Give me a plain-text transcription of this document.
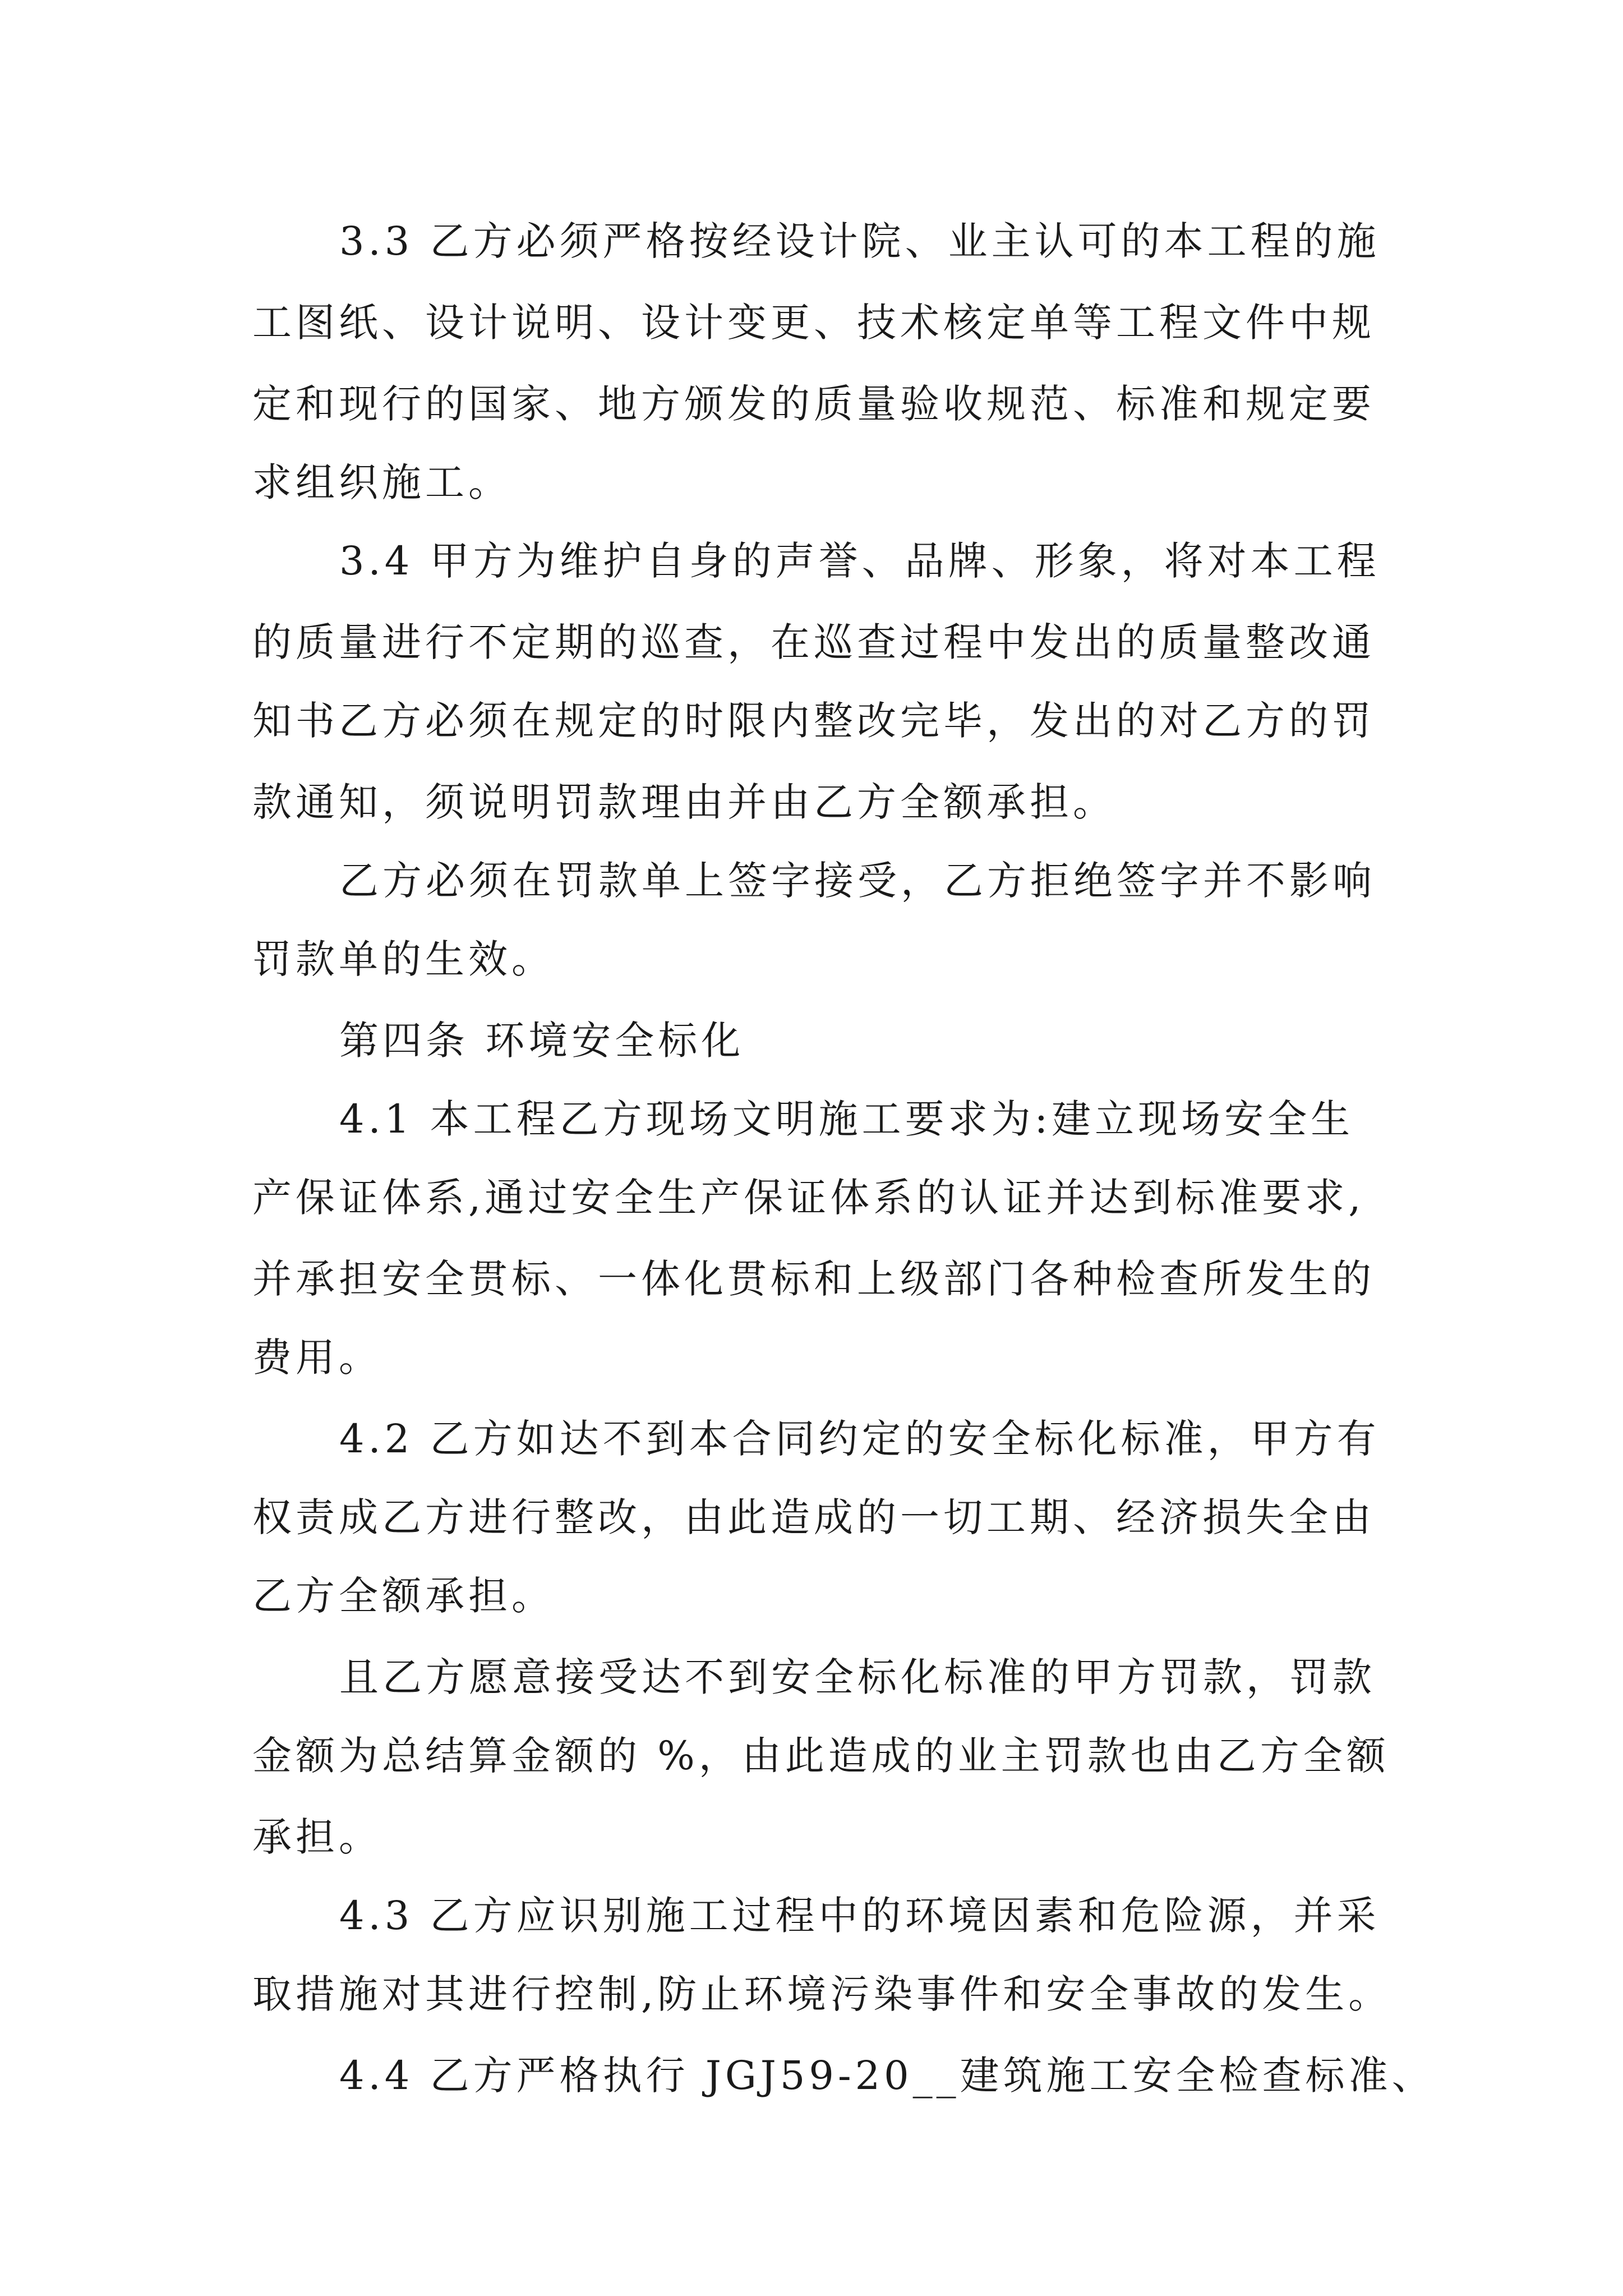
3.3 乙方必须严格按经设计院、业主认可的本工程的施
工图纸、设计说明、设计变更、技术核定单等工程文件中规
定和现行的国家、地方颁发的质量验收规范、标准和规定要
求组织施工。
3.4 甲方为维护自身的声誉、品牌、形象，将对本工程
的质量进行不定期的巡查，在巡查过程中发出的质量整改通
知书乙方必须在规定的时限内整改完毕，发出的对乙方的罚
款通知，须说明罚款理由并由乙方全额承担。
乙方必须在罚款单上签字接受，乙方拒绝签字并不影响
罚款单的生效。
第四条 环境安全标化
4.1 本工程乙方现场文明施工要求为:建立现场安全生
产保证体系,通过安全生产保证体系的认证并达到标准要求,
并承担安全贯标、一体化贯标和上级部门各种检查所发生的
费用。
4.2 乙方如达不到本合同约定的安全标化标准，甲方有
权责成乙方进行整改，由此造成的一切工期、经济损失全由
乙方全额承担。
且乙方愿意接受达不到安全标化标准的甲方罚款，罚款
金额为总结算金额的 %，由此造成的业主罚款也由乙方全额
承担。
4.3 乙方应识别施工过程中的环境因素和危险源，并采
取措施对其进行控制,防止环境污染事件和安全事故的发生。
4.4 乙方严格执行 JGJ59-20__建筑施工安全检查标准、
